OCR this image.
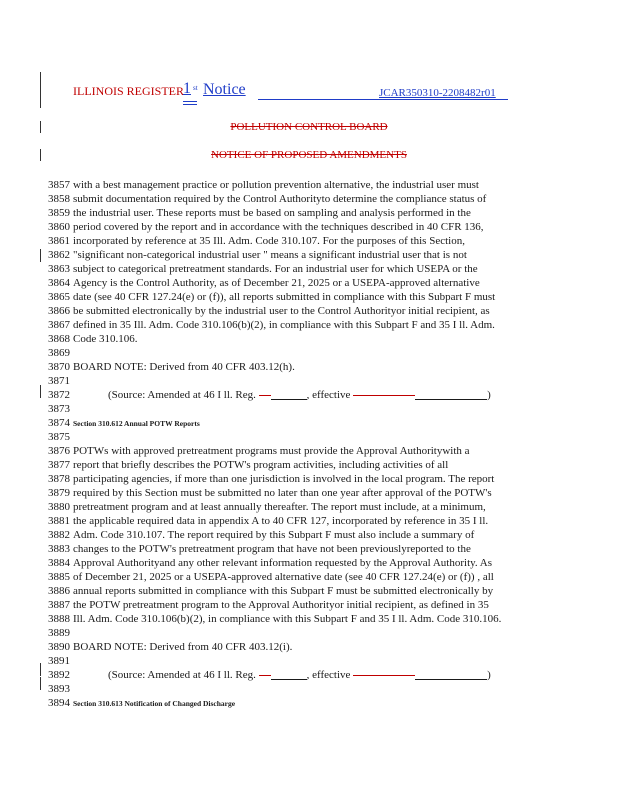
ILLINOIS REGISTER 1 st Notice	JCAR350310-2208482r01
POLLUTION CONTROL BOARD
NOTICE OF PROPOSED AMENDMENTS
3857 with a best management practice or pollution prevention alternative, the industrial user must
3858 submit documentation required by the Control Authorityto determine the compliance status of
3859 the industrial user. These reports must be based on sampling and analysis performed in the
3860 period covered by the report and in accordance with the techniques described in 40 CFR 136,
3861 incorporated by reference at 35 Ill. Adm. Code 310.107. For the purposes of this Section,
3862 "significant non-categorical industrial user " means a significant industrial user that is not
3863 subject to categorical pretreatment standards. For an industrial user for which USEPA or the
3864 Agency is the Control Authority, as of December 21, 2025 or a USEPA-approved alternative
3865 date (see 40 CFR 127.24(e) or (f)), all reports submitted in compliance with this Subpart F must
3866 be submitted electronically by the industrial user to the Control Authorityor initial recipient, as
3867 defined in 35 Ill. Adm. Code 310.106(b)(2), in compliance with this Subpart F and 35 I ll. Adm.
3868 Code 310.106.
3869
3870 BOARD NOTE: Derived from 40 CFR 403.12(h).
3871
3872	(Source: Amended at 46 I ll. Reg.	, effective	)
3873
3874 Section 310.612 Annual POTW Reports
3875
3876 POTWs with approved pretreatment programs must provide the Approval Authoritywith a
3877 report that briefly describes the POTW's program activities, including activities of all
3878 participating agencies, if more than one jurisdiction is involved in the local program. The report
3879 required by this Section must be submitted no later than one year after approval of the POTW's
3880 pretreatment program and at least annually thereafter. The report must include, at a minimum,
3881 the applicable required data in appendix A to 40 CFR 127, incorporated by reference in 35 I ll.
3882 Adm. Code 310.107. The report required by this Subpart F must also include a summary of
3883 changes to the POTW's pretreatment program that have not been previouslyreported to the
3884 Approval Authorityand any other relevant information requested by the Approval Authority. As
3885 of December 21, 2025 or a USEPA-approved alternative date (see 40 CFR 127.24(e) or (f)) , all
3886 annual reports submitted in compliance with this Subpart F must be submitted electronically by
3887 the POTW pretreatment program to the Approval Authorityor initial recipient, as defined in 35
3888 Ill. Adm. Code 310.106(b)(2), in compliance with this Subpart F and 35 I ll. Adm. Code 310.106.
3889
3890 BOARD NOTE: Derived from 40 CFR 403.12(i).
3891
3892	(Source: Amended at 46 I ll. Reg.	, effective	)
3893
3894 Section 310.613 Notification of Changed Discharge
